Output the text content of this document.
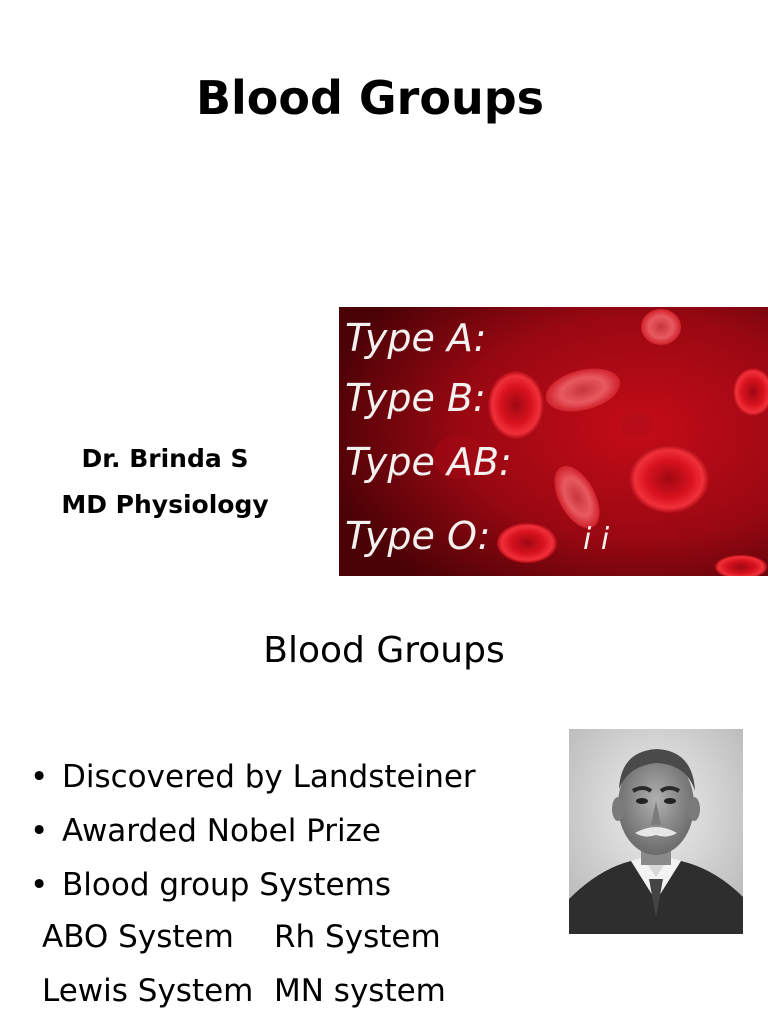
Blood Groups
Dr. Brinda S
MD Physiology
Type A:
Type B:
Type AB:
Type O:	i i
Blood Groups
• Discovered by Landsteiner
• Awarded Nobel Prize
• Blood group Systems
ABO System Rh System
Lewis System MN system
